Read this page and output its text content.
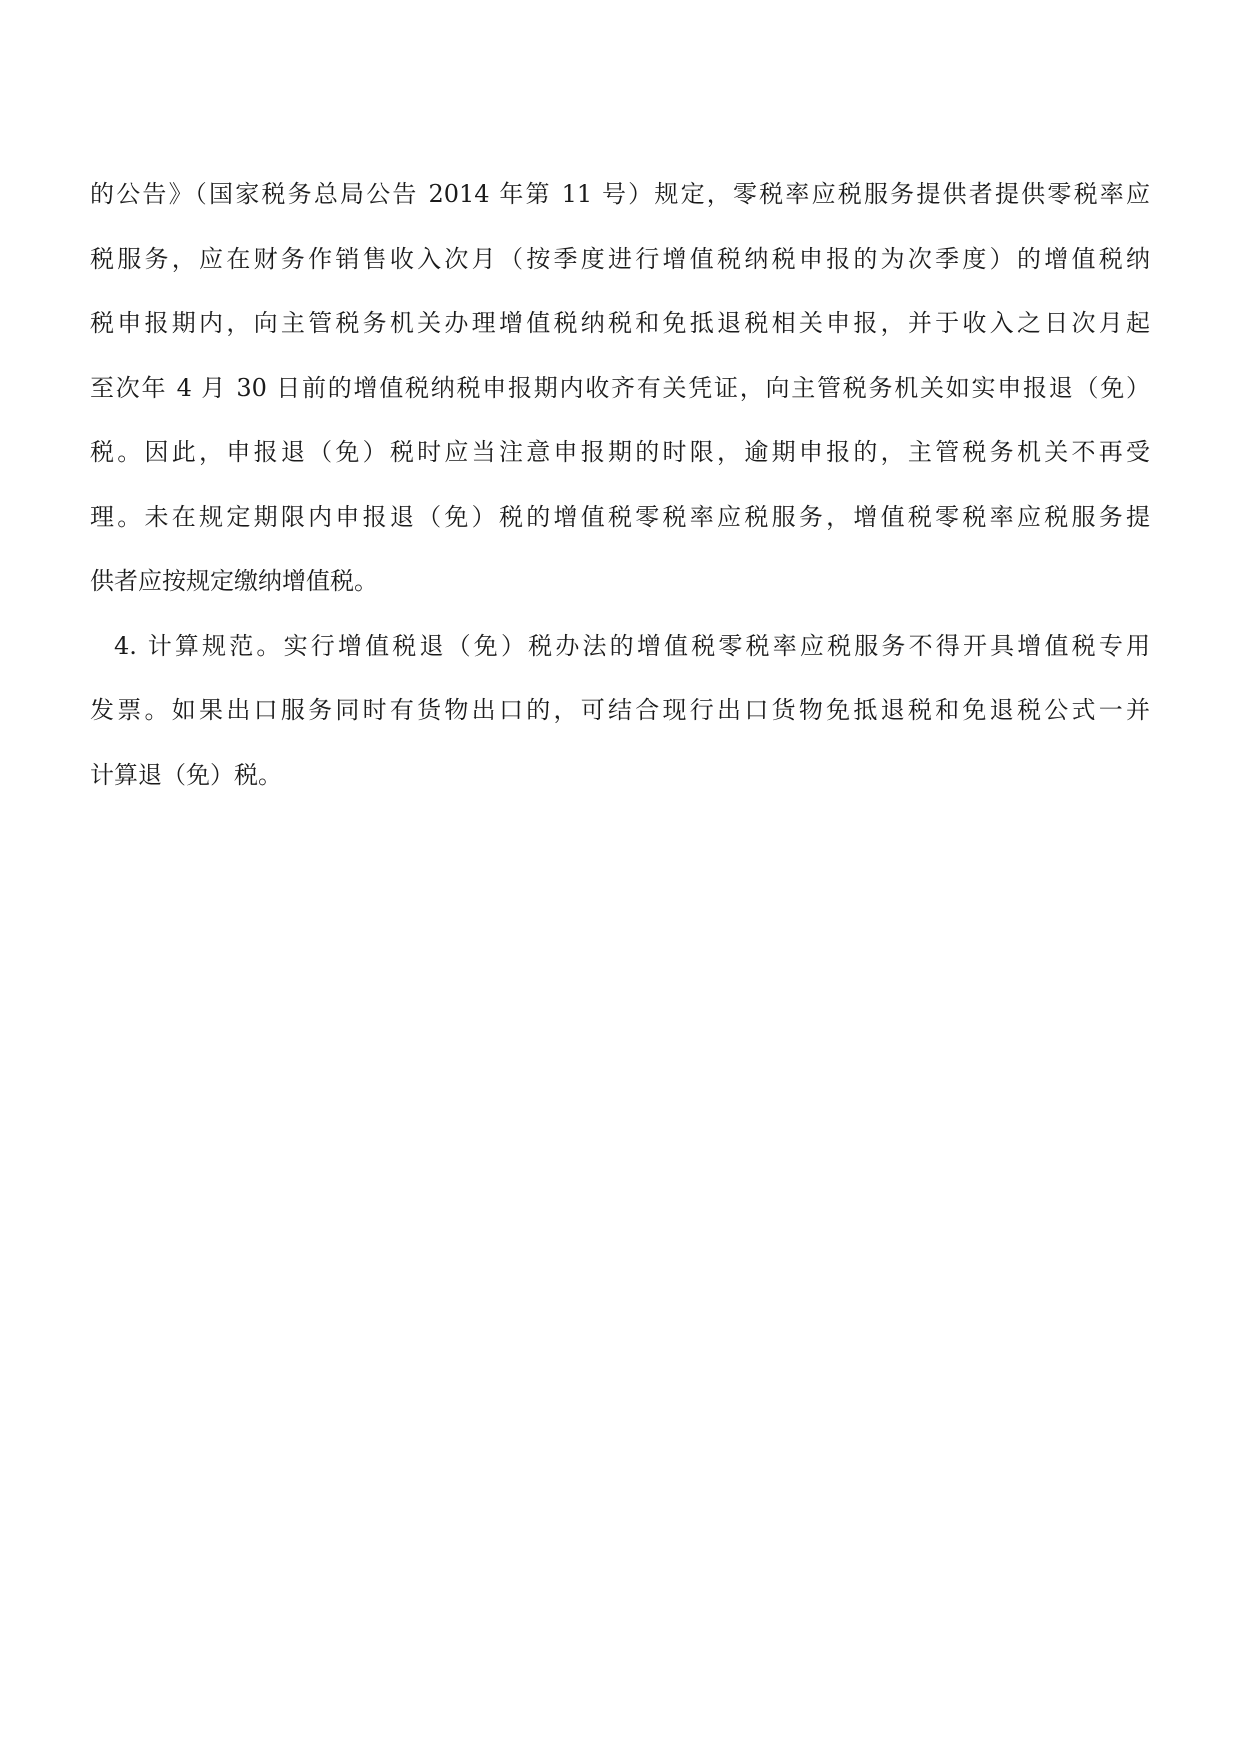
的公告》（国家税务总局公告 2014 年第 11 号）规定，零税率应税服务提供者提供零税率应
税服务，应在财务作销售收入次月（按季度进行增值税纳税申报的为次季度）的增值税纳
税申报期内，向主管税务机关办理增值税纳税和免抵退税相关申报，并于收入之日次月起
至次年 4 月 30 日前的增值税纳税申报期内收齐有关凭证，向主管税务机关如实申报退（免）
税。因此，申报退（免）税时应当注意申报期的时限，逾期申报的，主管税务机关不再受
理。未在规定期限内申报退（免）税的增值税零税率应税服务，增值税零税率应税服务提
供者应按规定缴纳增值税。
4. 计算规范。实行增值税退（免）税办法的增值税零税率应税服务不得开具增值税专用
发票。如果出口服务同时有货物出口的，可结合现行出口货物免抵退税和免退税公式一并
计算退（免）税。
